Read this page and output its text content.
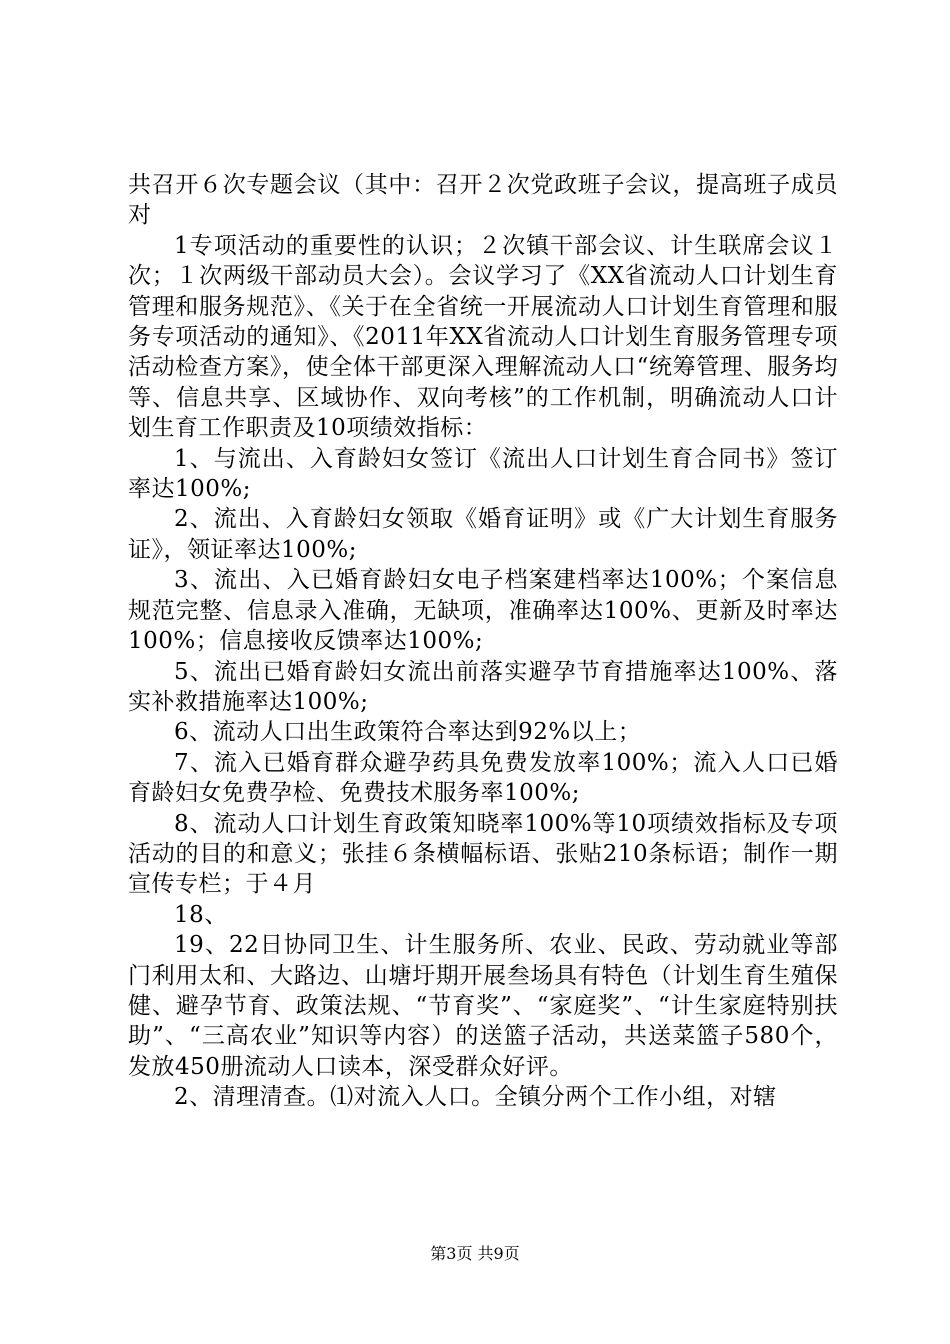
共召开６次专题会议（其中：召开２次党政班子会议，提高班子成员对

1专项活动的重要性的认识；２次镇干部会议、计生联席会议１次；１次两级干部动员大会）。会议学习了《XX省流动人口计划生育管理和服务规范》、《关于在全省统一开展流动人口计划生育管理和服务专项活动的通知》、《2011年XX省流动人口计划生育服务管理专项活动检查方案》，使全体干部更深入理解流动人口“统筹管理、服务均等、信息共享、区域协作、双向考核”的工作机制，明确流动人口计划生育工作职责及10项绩效指标：

1、与流出、入育龄妇女签订《流出人口计划生育合同书》签订率达100%;

2、流出、入育龄妇女领取《婚育证明》或《广大计划生育服务证》，领证率达100%;

3、流出、入已婚育龄妇女电子档案建档率达100%；个案信息规范完整、信息录入准确，无缺项，准确率达100%、更新及时率达100%；信息接收反馈率达100%;

5、流出已婚育龄妇女流出前落实避孕节育措施率达100%、落实补救措施率达100%;

6、流动人口出生政策符合率达到92%以上；

7、流入已婚育群众避孕药具免费发放率100%；流入人口已婚育龄妇女免费孕检、免费技术服务率100%;

8、流动人口计划生育政策知晓率100%等10项绩效指标及专项活动的目的和意义；张挂６条横幅标语、张贴210条标语；制作一期宣传专栏；于４月

18、

19、22日协同卫生、计生服务所、农业、民政、劳动就业等部门利用太和、大路边、山塘圩期开展叁场具有特色（计划生育生殖保健、避孕节育、政策法规、“节育奖”、“家庭奖”、“计生家庭特别扶助”、“三高农业”知识等内容）的送篮子活动，共送菜篮子580个，发放450册流动人口读本，深受群众好评。

2、清理清查。⑴对流入人口。全镇分两个工作小组，对辖

第3页 共9页
